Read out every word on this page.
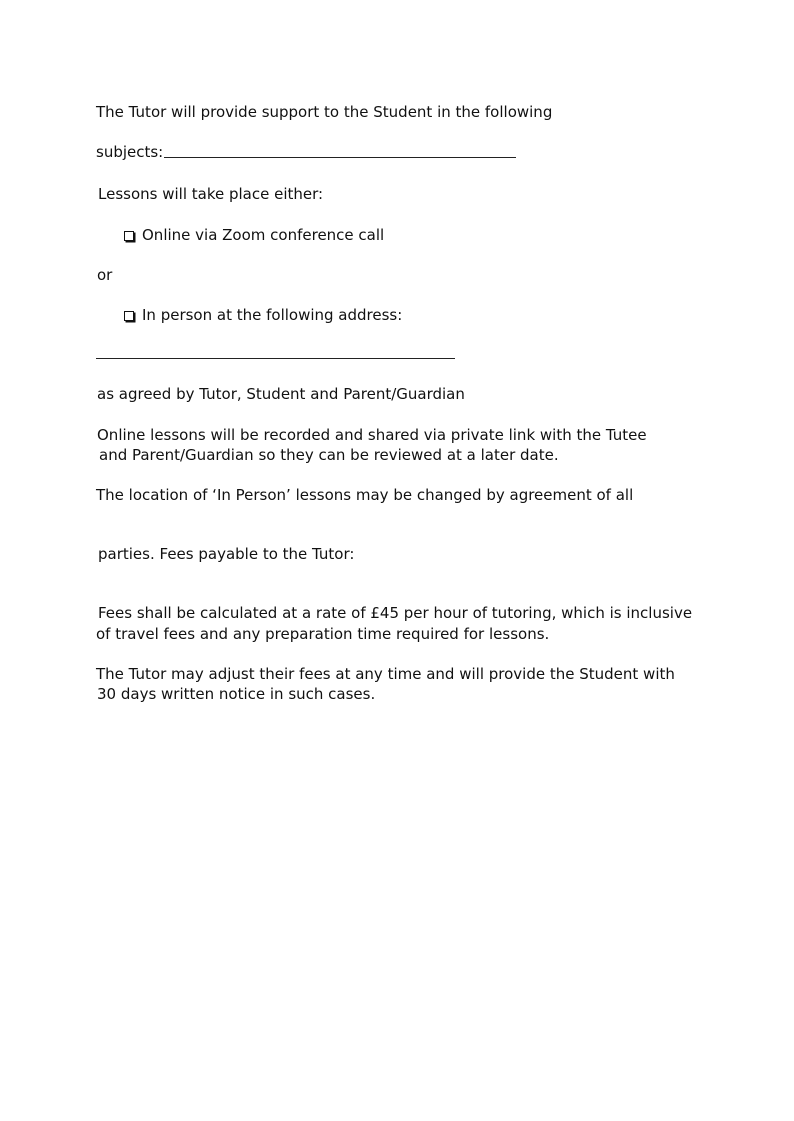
The Tutor will provide support to the Student in the following
subjects:
Lessons will take place either:
Online via Zoom conference call
or
In person at the following address:
as agreed by Tutor, Student and Parent/Guardian
Online lessons will be recorded and shared via private link with the Tutee
and Parent/Guardian so they can be reviewed at a later date.
The location of ‘In Person’ lessons may be changed by agreement of all
parties. Fees payable to the Tutor:
Fees shall be calculated at a rate of £45 per hour of tutoring, which is inclusive
of travel fees and any preparation time required for lessons.
The Tutor may adjust their fees at any time and will provide the Student with
30 days written notice in such cases.
